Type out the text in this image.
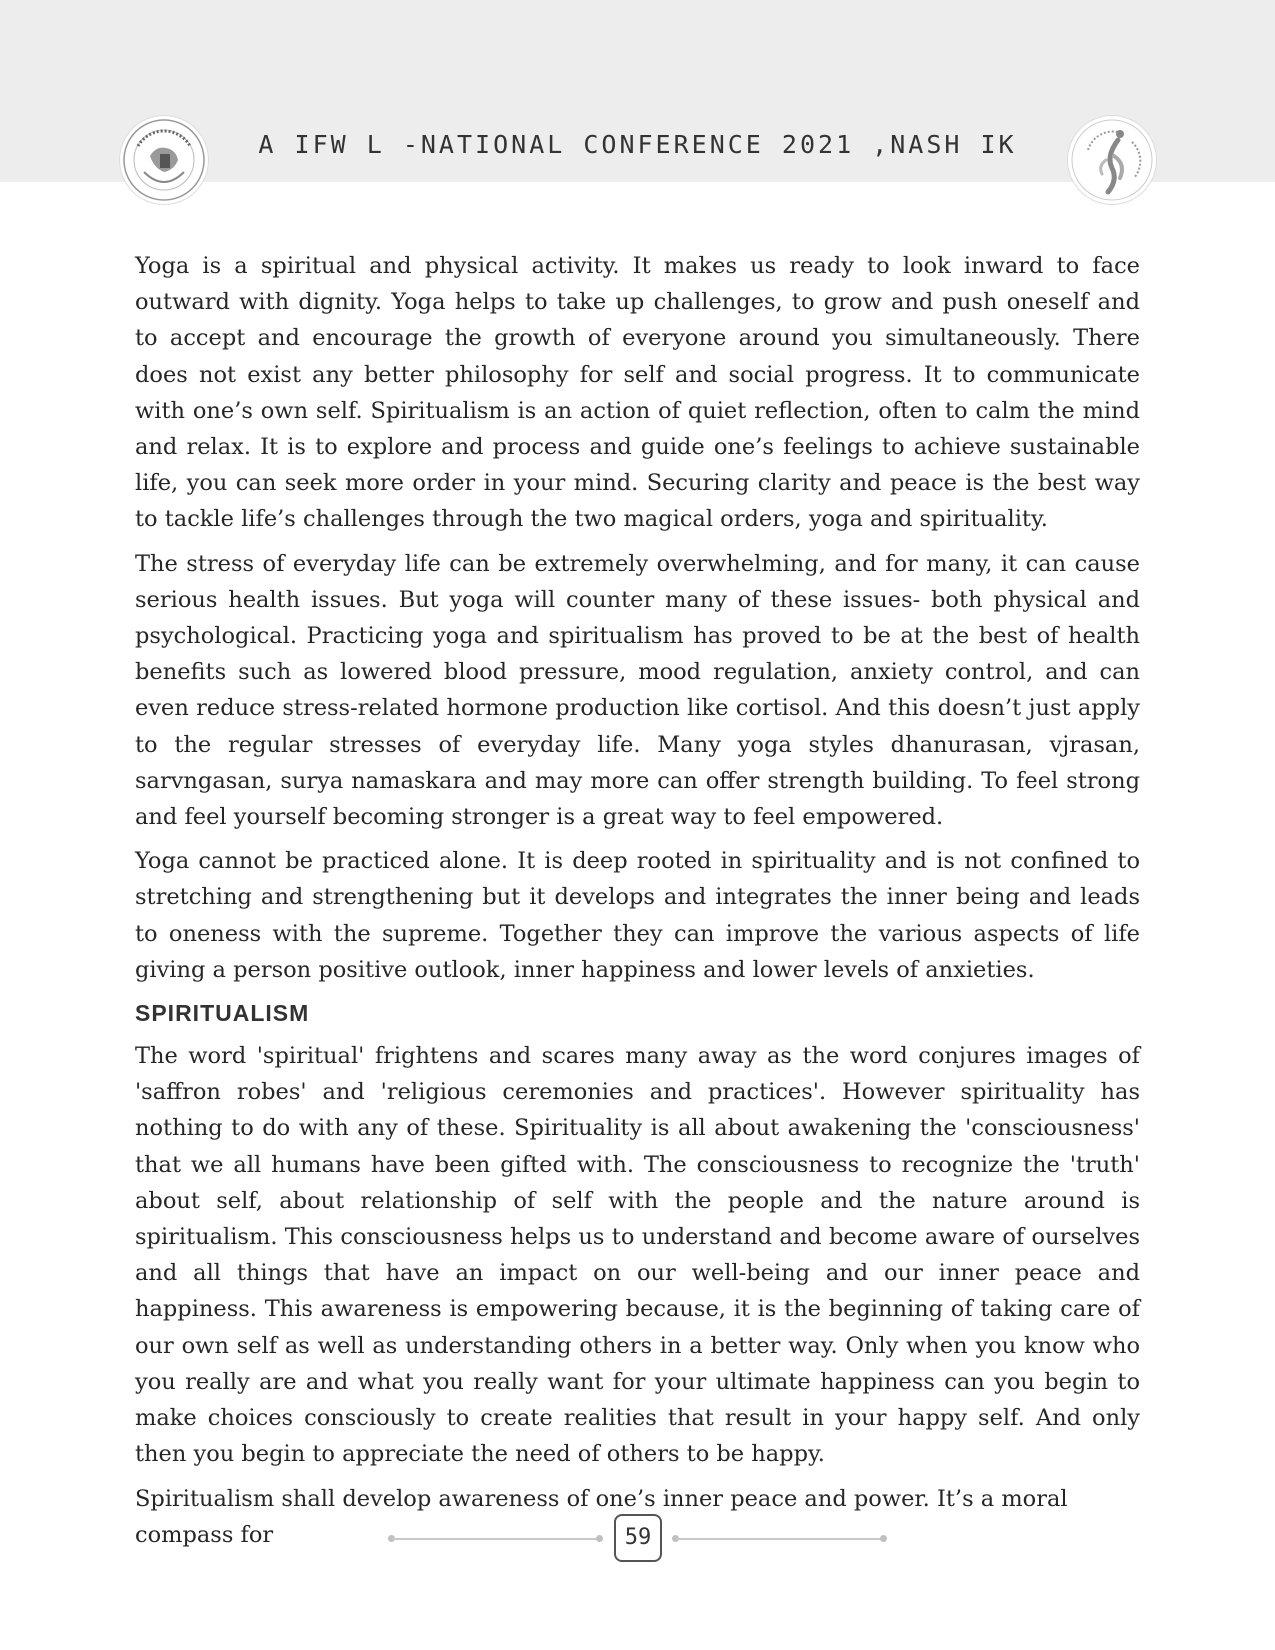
A IFW L -NATIONAL CONFERENCE 2021 ,NASH IK

Yoga is a spiritual and physical activity. It makes us ready to look inward to face outward with dignity. Yoga helps to take up challenges, to grow and push oneself and to accept and encourage the growth of everyone around you simultaneously. There does not exist any better philosophy for self and social progress. It to communicate with one’s own self. Spiritualism is an action of quiet reflection, often to calm the mind and relax. It is to explore and process and guide one’s feelings to achieve sustainable life, you can seek more order in your mind. Securing clarity and peace is the best way to tackle life’s challenges through the two magical orders, yoga and spirituality.

The stress of everyday life can be extremely overwhelming, and for many, it can cause serious health issues. But yoga will counter many of these issues- both physical and psychological. Practicing yoga and spiritualism has proved to be at the best of health benefits such as lowered blood pressure, mood regulation, anxiety control, and can even reduce stress-related hormone production like cortisol. And this doesn’t just apply to the regular stresses of everyday life. Many yoga styles dhanurasan, vjrasan, sarvngasan, surya namaskara and may more can offer strength building. To feel strong and feel yourself becoming stronger is a great way to feel empowered.

Yoga cannot be practiced alone. It is deep rooted in spirituality and is not confined to stretching and strengthening but it develops and integrates the inner being and leads to oneness with the supreme. Together they can improve the various aspects of life giving a person positive outlook, inner happiness and lower levels of anxieties.

SPIRITUALISM

The word 'spiritual' frightens and scares many away as the word conjures images of 'saffron robes' and 'religious ceremonies and practices'. However spirituality has nothing to do with any of these. Spirituality is all about awakening the 'consciousness' that we all humans have been gifted with. The consciousness to recognize the 'truth' about self, about relationship of self with the people and the nature around is spiritualism. This consciousness helps us to understand and become aware of ourselves and all things that have an impact on our well-being and our inner peace and happiness. This awareness is empowering because, it is the beginning of taking care of our own self as well as understanding others in a better way. Only when you know who you really are and what you really want for your ultimate happiness can you begin to make choices consciously to create realities that result in your happy self. And only then you begin to appreciate the need of others to be happy.

Spiritualism shall develop awareness of one’s inner peace and power. It’s a moral compass for	59
